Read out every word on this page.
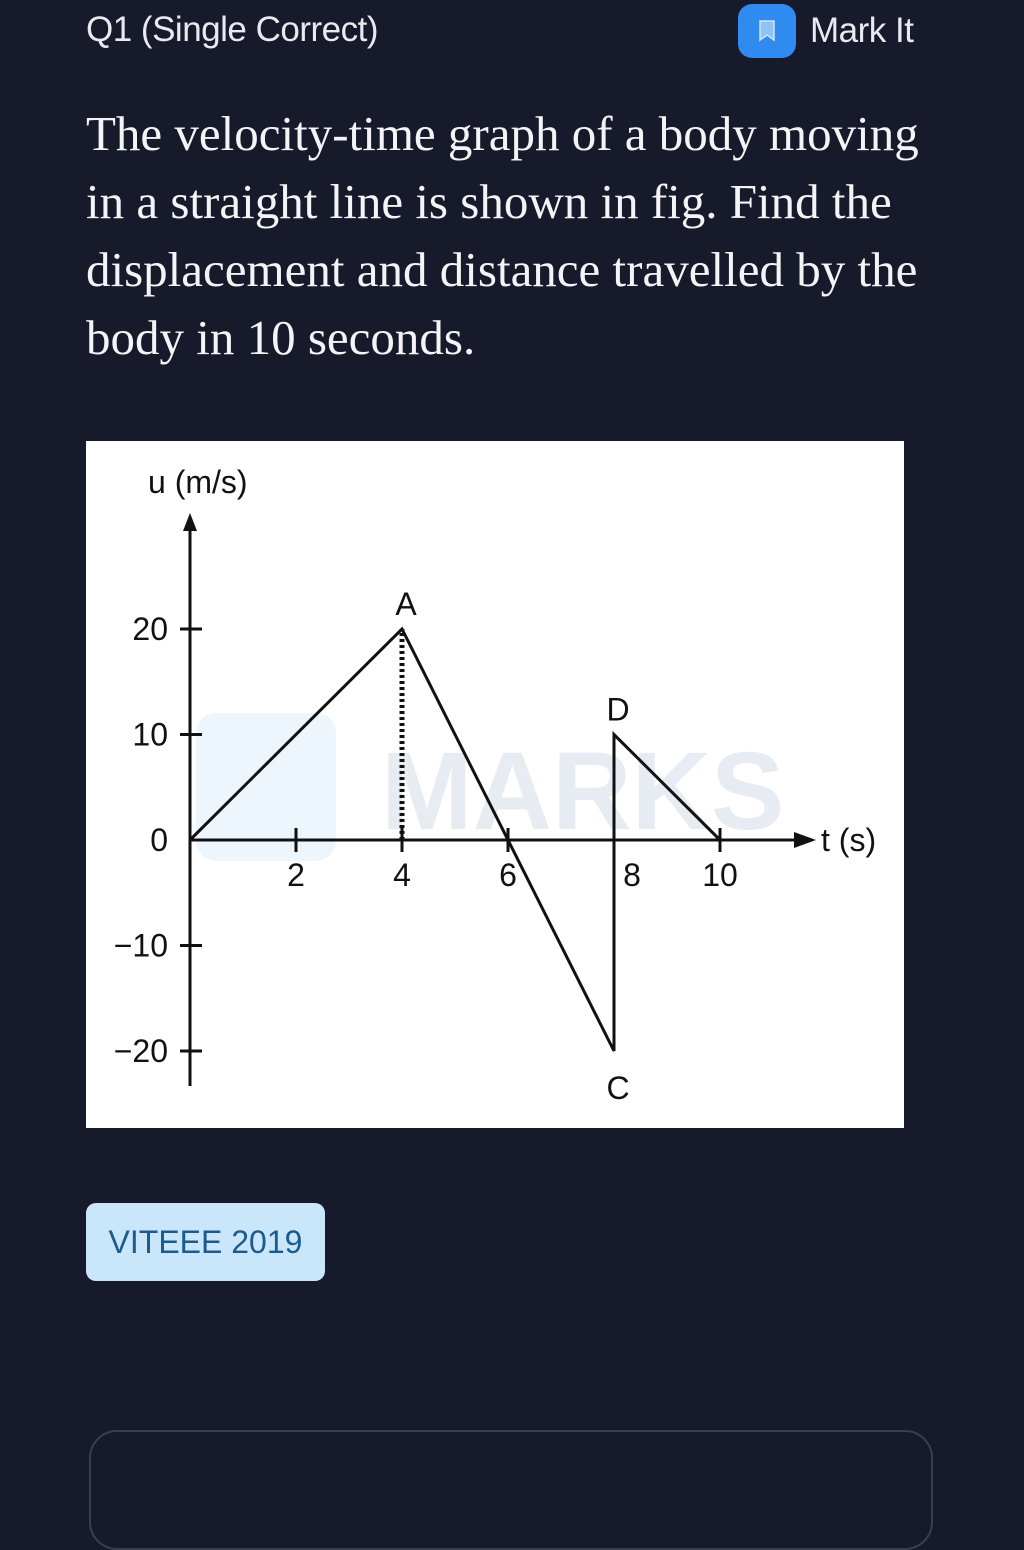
Q1 (Single Correct)	Mark It
The velocity-time graph of a body moving in a straight line is shown in fig. Find the displacement and distance travelled by the body in 10 seconds.
MARKS
u (m/s)
t (s)
20
10
0
−10
−20
2	4	6	8 10
A
D
C
VITEEE 2019
